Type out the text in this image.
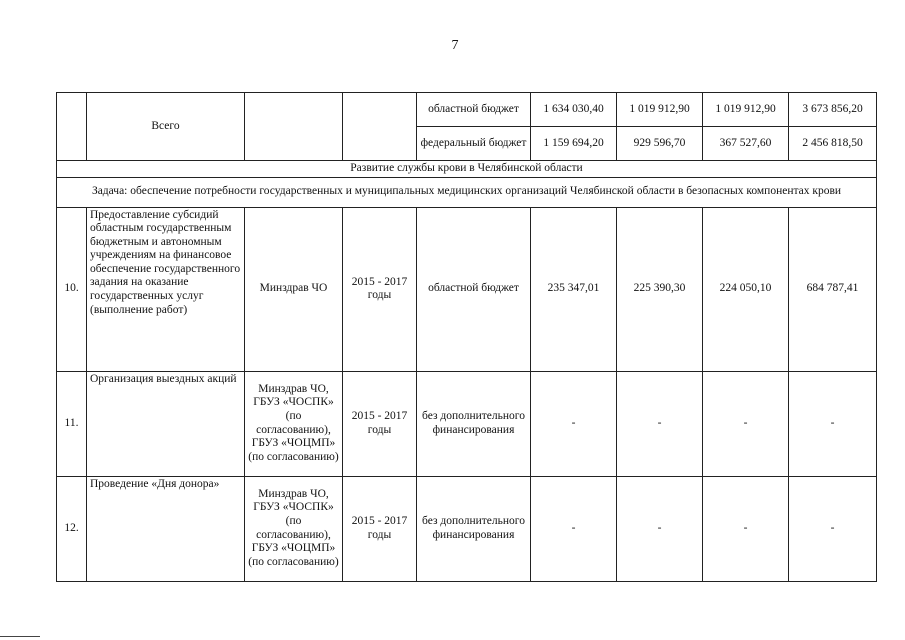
7
	Всего			областной бюджет	1 634 030,40	1 019 912,90	1 019 912,90	3 673 856,20
				федеральный бюджет	1 159 694,20	929 596,70	367 527,60	2 456 818,50
Развитие службы крови в Челябинской области								
Задача: обеспечение потребности государственных и муниципальных медицинских организаций Челябинской области в безопасных компонентах крови								
10.	Предоставление субсидий областным государственным бюджетным и автономным учреждениям на финансовое обеспечение государственного задания на оказание государственных услуг (выполнение работ)	Минздрав ЧО	2015 - 2017 годы	областной бюджет	235 347,01	225 390,30	224 050,10	684 787,41
11.	Организация выездных акций	Минздрав ЧО, ГБУЗ «ЧОСПК» (по согласованию), ГБУЗ «ЧОЦМП» (по согласованию)	2015 - 2017 годы	без дополнительного финансирования	-	-	-	-
12.	Проведение «Дня донора»	Минздрав ЧО, ГБУЗ «ЧОСПК» (по согласованию), ГБУЗ «ЧОЦМП» (по согласованию)	2015 - 2017 годы	без дополнительного финансирования	-	-	-	-
